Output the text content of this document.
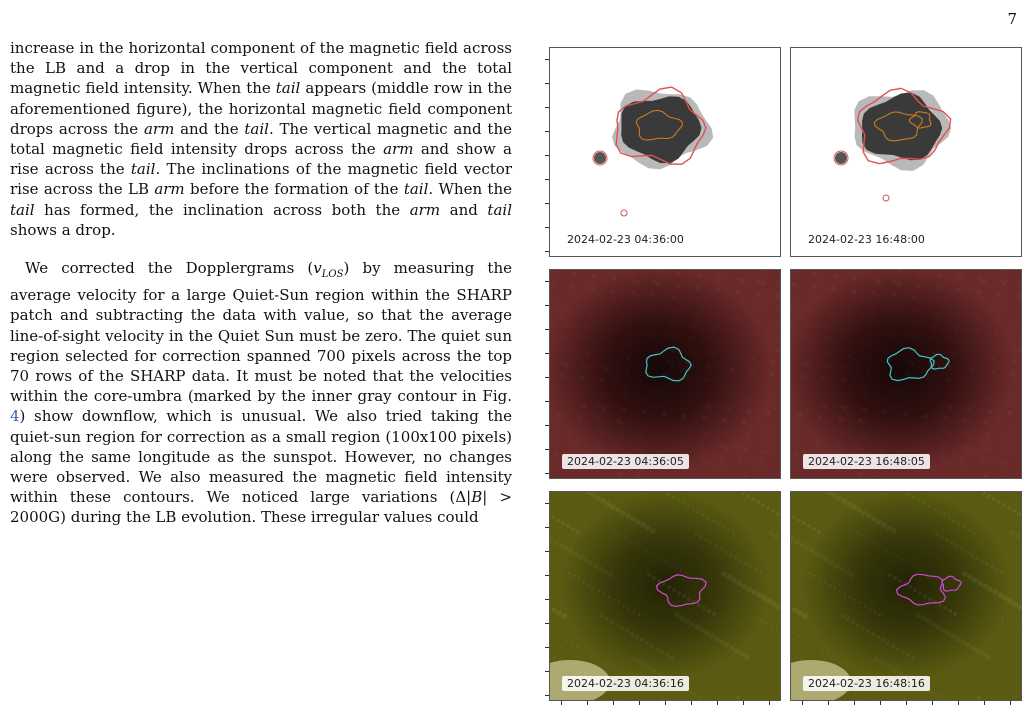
7

increase in the horizontal component of the magnetic field across the LB and a drop in the vertical component and the total magnetic field intensity. When the tail appears (middle row in the aforementioned figure), the horizontal magnetic field component drops across the arm and the tail. The vertical magnetic and the total magnetic field intensity drops across the arm and show a rise across the tail. The inclinations of the magnetic field vector rise across the LB arm before the formation of the tail. When the tail has formed, the inclination across both the arm and tail shows a drop.

We corrected the Dopplergrams $(v_{LOS})$ by measuring the average velocity for a large Quiet-Sun region within the SHARP patch and subtracting the data with value, so that the average line-of-sight velocity in the Quiet Sun must be zero. The quiet sun region selected for correction spanned 700 pixels across the top 70 rows of the SHARP data. It must be noted that the velocities within the core-umbra (marked by the inner gray contour in Fig. 4) show downflow, which is unusual. We also tried taking the quiet-sun region for correction as a small region (100x100 pixels) along the same longitude as the sunspot. However, no changes were observed. We also measured the magnetic field intensity within these contours. We noticed large variations (Δ|B| > 2000G) during the LB evolution. These irregular values could

2024-02-23 04:36:00	2024-02-23 16:48:00
2024-02-23 04:36:05	2024-02-23 16:48:05
2024-02-23 04:36:16	2024-02-23 16:48:16
